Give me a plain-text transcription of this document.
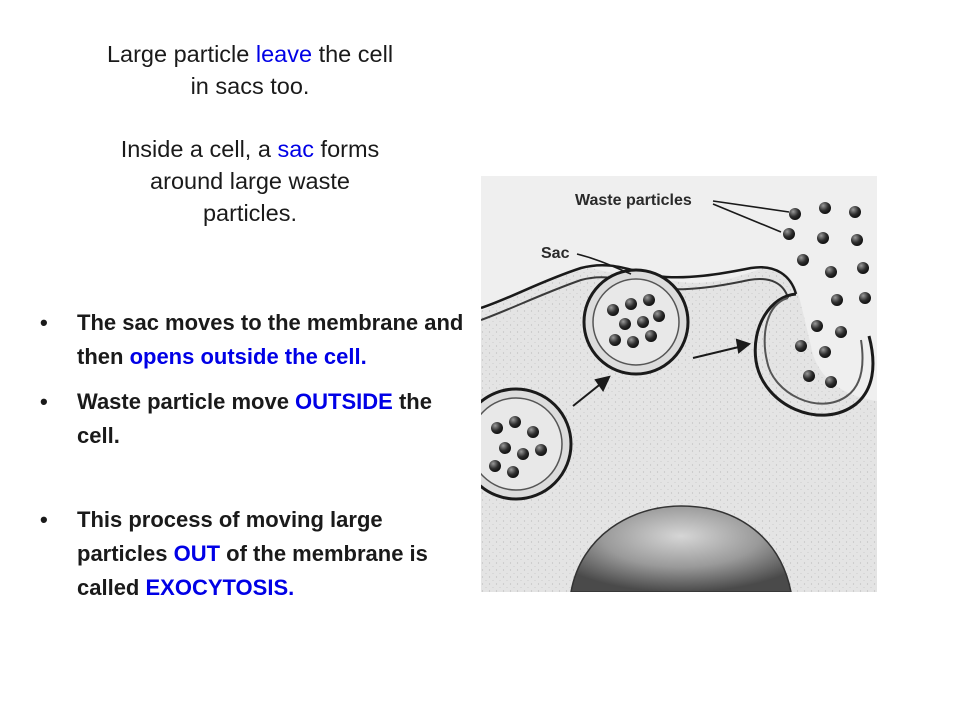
Large particle leave the cell

in sacs too.

Inside a cell, a sac forms

around large waste

particles.

• The sac moves to the membrane and then opens outside the cell.
• Waste particle move OUTSIDE the cell.
• This process of moving large particles OUT of the membrane is called EXOCYTOSIS.
Waste particles
Sac
